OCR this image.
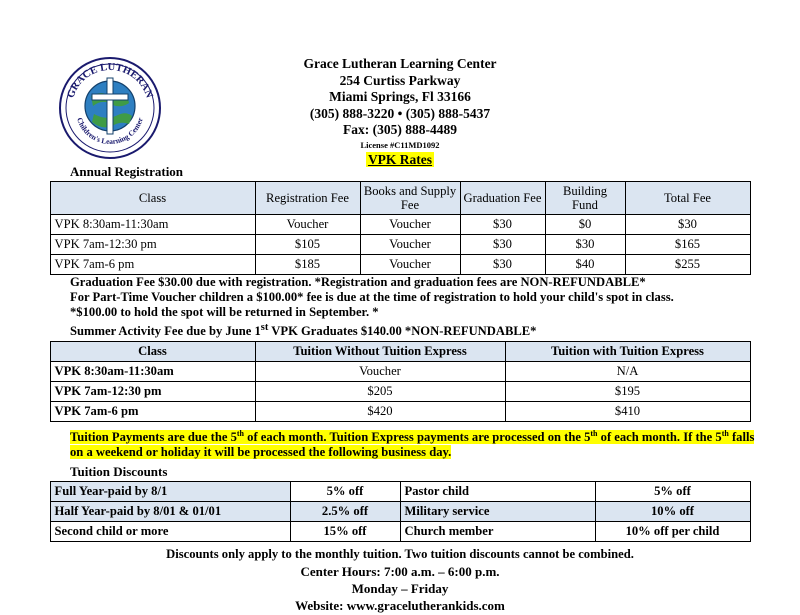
GRACE LUTHERAN
Children's Learning Center
Grace Lutheran Learning Center
254 Curtiss Parkway
Miami Springs, Fl 33166
(305) 888-3220 • (305) 888-5437
Fax: (305) 888-4489
License #C11MD1092
VPK Rates
Annual Registration
Class	Registration Fee	Books and Supply Fee	Graduation Fee	Building Fund	Total Fee
VPK 8:30am-11:30am	Voucher	Voucher	$30	$0	$30
VPK 7am-12:30 pm	$105	Voucher	$30	$30	$165
VPK 7am-6 pm	$185	Voucher	$30	$40	$255
Graduation Fee $30.00 due with registration. *Registration and graduation fees are NON-REFUNDABLE*
For Part-Time Voucher children a $100.00* fee is due at the time of registration to hold your child's spot in class.
*$100.00 to hold the spot will be returned in September. *
Summer Activity Fee due by June 1st VPK Graduates $140.00 *NON-REFUNDABLE*
Class	Tuition Without Tuition Express	Tuition with Tuition Express
VPK 8:30am-11:30am	Voucher	N/A
VPK 7am-12:30 pm	$205	$195
VPK 7am-6 pm	$420	$410
Tuition Payments are due the 5th of each month. Tuition Express payments are processed on the 5th of each month. If the 5th falls
on a weekend or holiday it will be processed the following business day.
Tuition Discounts
Full Year-paid by 8/1	5% off	Pastor child	5% off
Half Year-paid by 8/01 & 01/01	2.5% off	Military service	10% off
Second child or more	15% off	Church member	10% off per child
Discounts only apply to the monthly tuition. Two tuition discounts cannot be combined.
Center Hours: 7:00 a.m. – 6:00 p.m.
Monday – Friday
Website: www.gracelutherankids.com
